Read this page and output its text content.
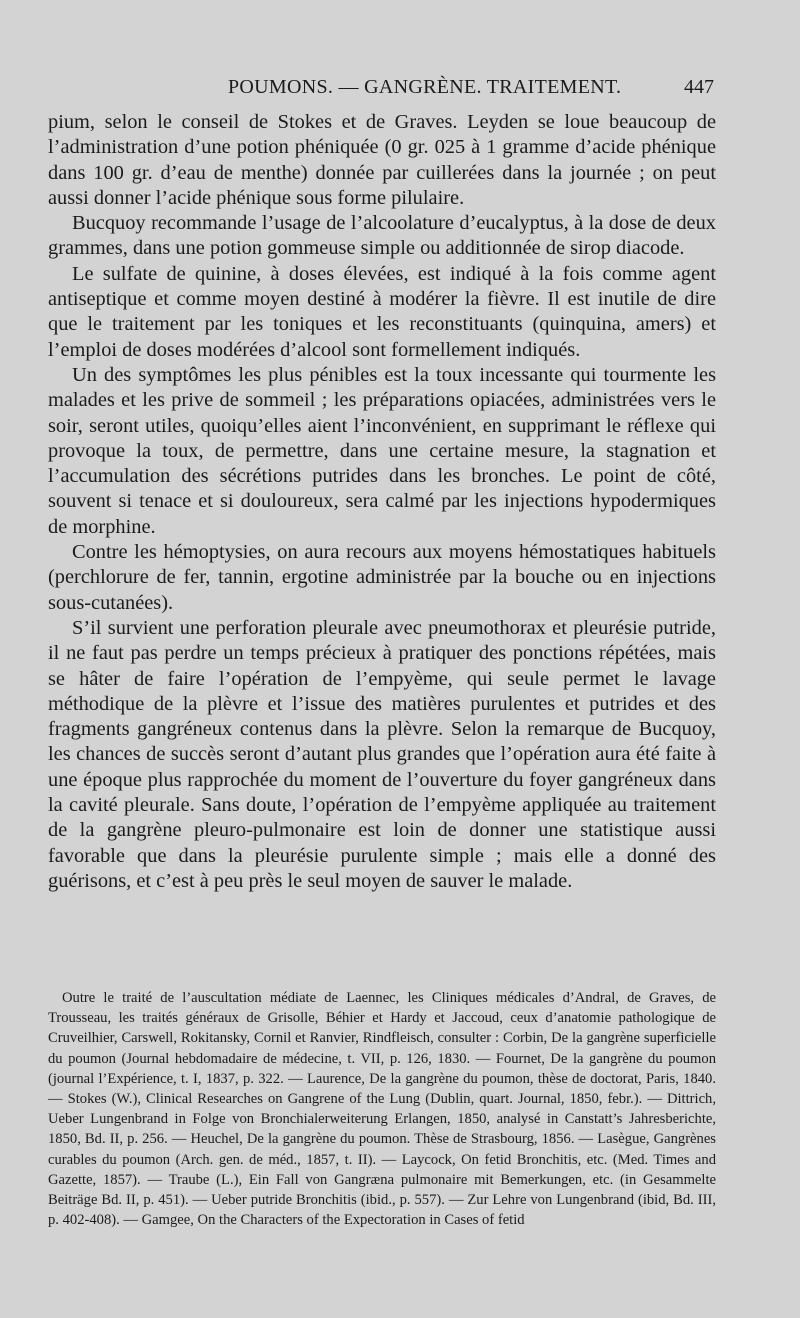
POUMONS. — GANGRÈNE. TRAITEMENT.	447

pium, selon le conseil de Stokes et de Graves. Leyden se loue beaucoup de l’administration d’une potion phéniquée (0 gr. 025 à 1 gramme d’acide phénique dans 100 gr. d’eau de menthe) donnée par cuillerées dans la journée ; on peut aussi donner l’acide phénique sous forme pilulaire.

Bucquoy recommande l’usage de l’alcoolature d’eucalyptus, à la dose de deux grammes, dans une potion gommeuse simple ou additionnée de sirop diacode.

Le sulfate de quinine, à doses élevées, est indiqué à la fois comme agent antiseptique et comme moyen destiné à modérer la fièvre. Il est inutile de dire que le traitement par les toniques et les reconstituants (quinquina, amers) et l’emploi de doses modérées d’alcool sont formellement indiqués.

Un des symptômes les plus pénibles est la toux incessante qui tourmente les malades et les prive de sommeil ; les préparations opiacées, administrées vers le soir, seront utiles, quoiqu’elles aient l’inconvénient, en supprimant le réflexe qui provoque la toux, de permettre, dans une certaine mesure, la stagnation et l’accumulation des sécrétions putrides dans les bronches. Le point de côté, souvent si tenace et si douloureux, sera calmé par les injections hypodermiques de morphine.

Contre les hémoptysies, on aura recours aux moyens hémostatiques habituels (perchlorure de fer, tannin, ergotine administrée par la bouche ou en injections sous-cutanées).

S’il survient une perforation pleurale avec pneumothorax et pleurésie putride, il ne faut pas perdre un temps précieux à pratiquer des ponctions répétées, mais se hâter de faire l’opération de l’empyème, qui seule permet le lavage méthodique de la plèvre et l’issue des matières purulentes et putrides et des fragments gangréneux contenus dans la plèvre. Selon la remarque de Bucquoy, les chances de succès seront d’autant plus grandes que l’opération aura été faite à une époque plus rapprochée du moment de l’ouverture du foyer gangréneux dans la cavité pleurale. Sans doute, l’opération de l’empyème appliquée au traitement de la gangrène pleuro-pulmonaire est loin de donner une statistique aussi favorable que dans la pleurésie purulente simple ; mais elle a donné des guérisons, et c’est à peu près le seul moyen de sauver le malade.

Outre le traité de l’auscultation médiate de Laennec, les Cliniques médicales d’Andral, de Graves, de Trousseau, les traités généraux de Grisolle, Béhier et Hardy et Jaccoud, ceux d’anatomie pathologique de Cruveilhier, Carswell, Rokitansky, Cornil et Ranvier, Rindfleisch, consulter : Corbin, De la gangrène superficielle du poumon (Journal hebdomadaire de médecine, t. VII, p. 126, 1830. — Fournet, De la gangrène du poumon (journal l’Expérience, t. I, 1837, p. 322. — Laurence, De la gangrène du poumon, thèse de doctorat, Paris, 1840. — Stokes (W.), Clinical Researches on Gangrene of the Lung (Dublin, quart. Journal, 1850, febr.). — Dittrich, Ueber Lungenbrand in Folge von Bronchialerweiterung Erlangen, 1850, analysé in Canstatt’s Jahresberichte, 1850, Bd. II, p. 256. — Heuchel, De la gangrène du poumon. Thèse de Strasbourg, 1856. — Lasègue, Gangrènes curables du poumon (Arch. gen. de méd., 1857, t. II). — Laycock, On fetid Bronchitis, etc. (Med. Times and Gazette, 1857). — Traube (L.), Ein Fall von Gangræna pulmonaire mit Bemerkungen, etc. (in Gesammelte Beiträge Bd. II, p. 451). — Ueber putride Bronchitis (ibid., p. 557). — Zur Lehre von Lungenbrand (ibid, Bd. III, p. 402-408). — Gamgee, On the Characters of the Expectoration in Cases of fetid
